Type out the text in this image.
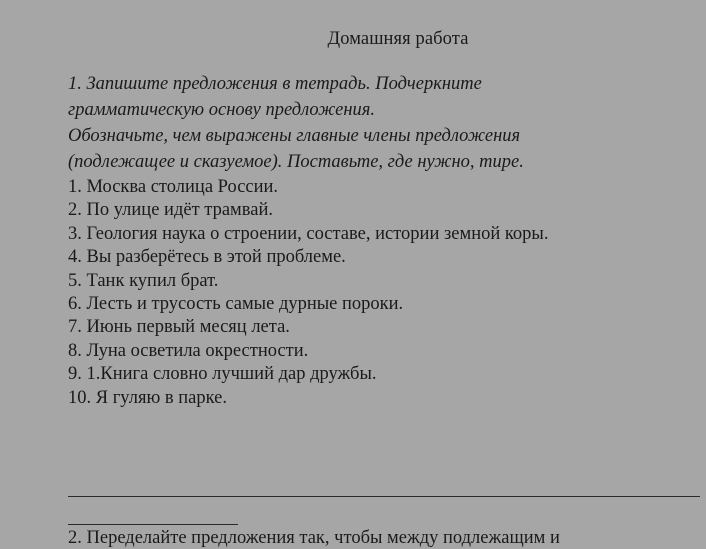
Домашняя работа
1. Запишите предложения в тетрадь. Подчеркните
грамматическую основу предложения.
Обозначьте, чем выражены главные члены предложения
(подлежащее и сказуемое). Поставьте, где нужно, тире.
1. Москва столица России.
2. По улице идёт трамвай.
3. Геология наука о строении, составе, истории земной коры.
4. Вы разберётесь в этой проблеме.
5. Танк купил брат.
6. Лесть и трусость самые дурные пороки.
7. Июнь первый месяц лета.
8. Луна осветила окрестности.
9. 1.Книга словно лучший дар дружбы.
10. Я гуляю в парке.
2. Переделайте предложения так, чтобы между подлежащим и
